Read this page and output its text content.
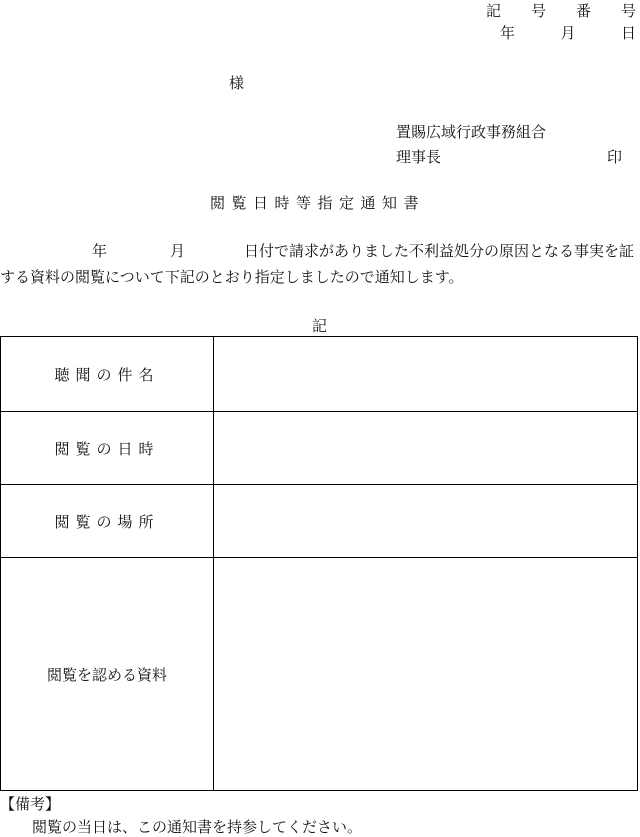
記 号 番 号
年	月	日
様
置賜広域行政事務組合
理事長	印
閲覧日時等指定通知書
年	月	日付で請求がありました不利益処分の原因となる事実を証
する資料の閲覧について下記のとおり指定しましたので通知します。
記
聴聞の件名	
閲覧の日時	
閲覧の場所	
閲覧を認める資料	
【備考】
閲覧の当日は、この通知書を持参してください。
